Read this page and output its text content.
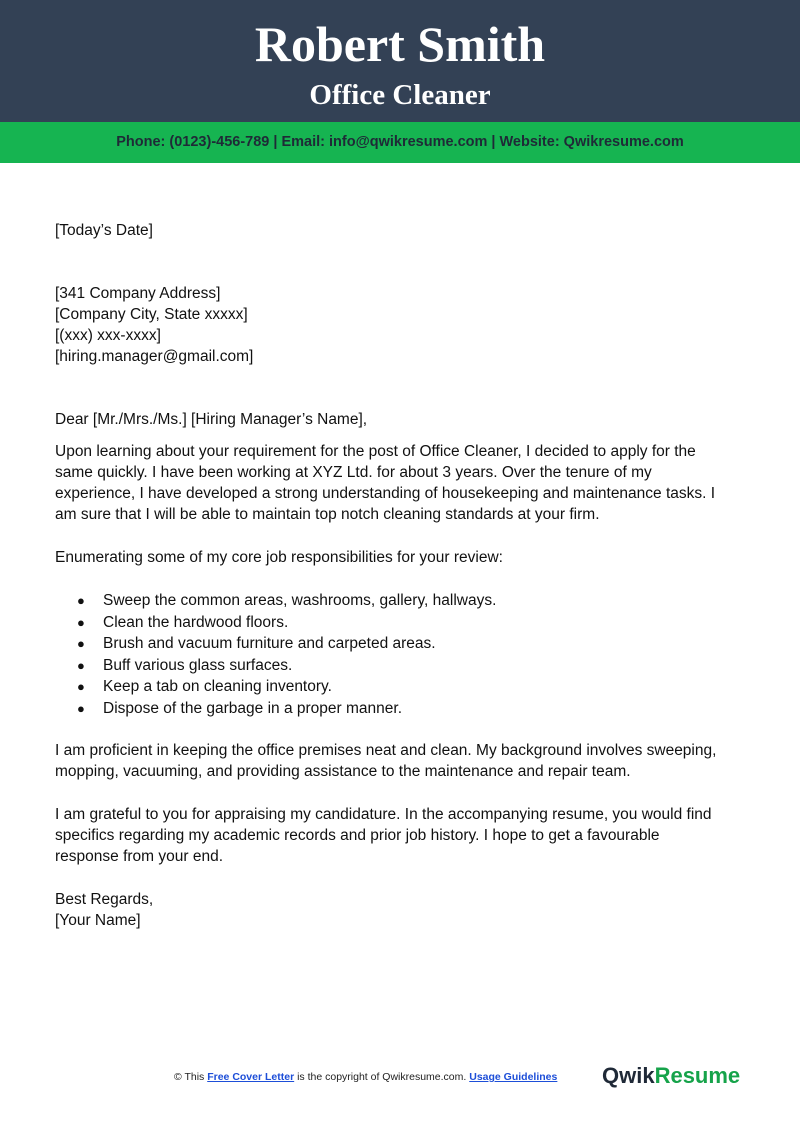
Robert Smith
Office Cleaner
Phone: (0123)-456-789 | Email: info@qwikresume.com | Website: Qwikresume.com
[Today’s Date]
[341 Company Address]
[Company City, State xxxxx]
[(xxx) xxx-xxxx]
[hiring.manager@gmail.com]
Dear [Mr./Mrs./Ms.] [Hiring Manager’s Name],
Upon learning about your requirement for the post of Office Cleaner, I decided to apply for the
same quickly. I have been working at XYZ Ltd. for about 3 years. Over the tenure of my
experience, I have developed a strong understanding of housekeeping and maintenance tasks. I
am sure that I will be able to maintain top notch cleaning standards at your firm.
Enumerating some of my core job responsibilities for your review:
● Sweep the common areas, washrooms, gallery, hallways.
● Clean the hardwood floors.
● Brush and vacuum furniture and carpeted areas.
● Buff various glass surfaces.
● Keep a tab on cleaning inventory.
● Dispose of the garbage in a proper manner.
I am proficient in keeping the office premises neat and clean. My background involves sweeping,
mopping, vacuuming, and providing assistance to the maintenance and repair team.
I am grateful to you for appraising my candidature. In the accompanying resume, you would find
specifics regarding my academic records and prior job history. I hope to get a favourable
response from your end.
Best Regards,
[Your Name]
© This Free Cover Letter is the copyright of Qwikresume.com. Usage Guidelines QwikResume
